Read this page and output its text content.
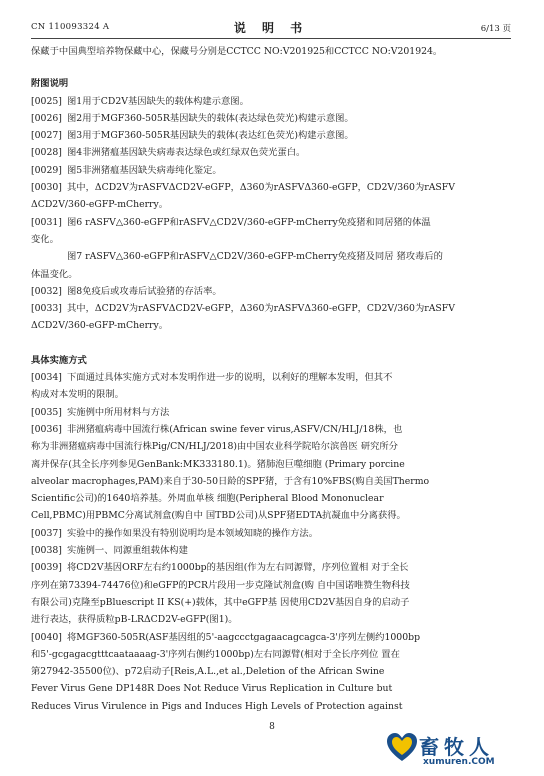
CN 110093324 A	说 明 书	6/13 页

保藏于中国典型培养物保藏中心，保藏号分别是CCTCC NO:V201925和CCTCC NO:V201924。

附图说明

[0025] 图1用于CD2V基因缺失的载体构建示意图。

[0026] 图2用于MGF360-505R基因缺失的载体(表达绿色荧光)构建示意图。

[0027] 图3用于MGF360-505R基因缺失的载体(表达红色荧光)构建示意图。

[0028] 图4非洲猪瘟基因缺失病毒表达绿色或红绿双色荧光蛋白。

[0029] 图5非洲猪瘟基因缺失病毒纯化鉴定。

[0030] 其中，ΔCD2V为rASFVΔCD2V-eGFP，Δ360为rASFVΔ360-eGFP，CD2V/360为rASFV

ΔCD2V/360-eGFP-mCherry。

[0031] 图6 rASFV△360-eGFP和rASFV△CD2V/360-eGFP-mCherry免疫猪和同居猪的体温

变化。

图7 rASFV△360-eGFP和rASFV△CD2V/360-eGFP-mCherry免疫猪及同居 猪攻毒后的

体温变化。

[0032] 图8免疫后或攻毒后试验猪的存活率。

[0033] 其中，ΔCD2V为rASFVΔCD2V-eGFP，Δ360为rASFVΔ360-eGFP，CD2V/360为rASFV

ΔCD2V/360-eGFP-mCherry。

具体实施方式

[0034] 下面通过具体实施方式对本发明作进一步的说明，以利好的理解本发明，但其不

构成对本发明的限制。

[0035] 实施例中所用材料与方法

[0036] 非洲猪瘟病毒中国流行株(African swine fever virus,ASFV/CN/HLJ/18株，也

称为非洲猪瘟病毒中国流行株Pig/CN/HLJ/2018)由中国农业科学院哈尔滨兽医 研究所分

离并保存(其全长序列参见GenBank:MK333180.1)。猪肺泡巨噬细胞 (Primary porcine

alveolar macrophages,PAM)来自于30-50日龄的SPF猪，于含有10%FBS(购自美国Thermo

Scientific公司)的1640培养基。外周血单核 细胞(Peripheral Blood Mononuclear

Cell,PBMC)用PBMC分离试剂盒(购自中 国TBD公司)从SPF猪EDTA抗凝血中分离获得。

[0037] 实验中的操作如果没有特别说明均是本领域知晓的操作方法。

[0038] 实施例一、同源重组载体构建

[0039] 将CD2V基因ORF左右约1000bp的基因组(作为左右同源臂，序列位置相 对于全长

序列在第73394-74476位)和eGFP的PCR片段用一步克隆试剂盒(购 自中国诺唯赞生物科技

有限公司)克隆至pBluescript II KS(+)载体，其中eGFP基 因使用CD2V基因自身的启动子

进行表达，获得质粒pB-LRΔCD2V-eGFP(图1)。

[0040] 将MGF360-505R(ASF基因组的5'-aagccctgagaacagcagca-3'序列左侧约1000bp

和5'-gcgagacgtttcaataaaag-3'序列右侧约1000bp)左右同源臂(相对于全长序列位 置在

第27942-35500位)、p72启动子[Reis,A.L.,et al.,Deletion of the African Swine

Fever Virus Gene DP148R Does Not Reduce Virus Replication in Culture but

Reduces Virus Virulence in Pigs and Induces High Levels of Protection against

8
畜牧人
xumuren.COM
